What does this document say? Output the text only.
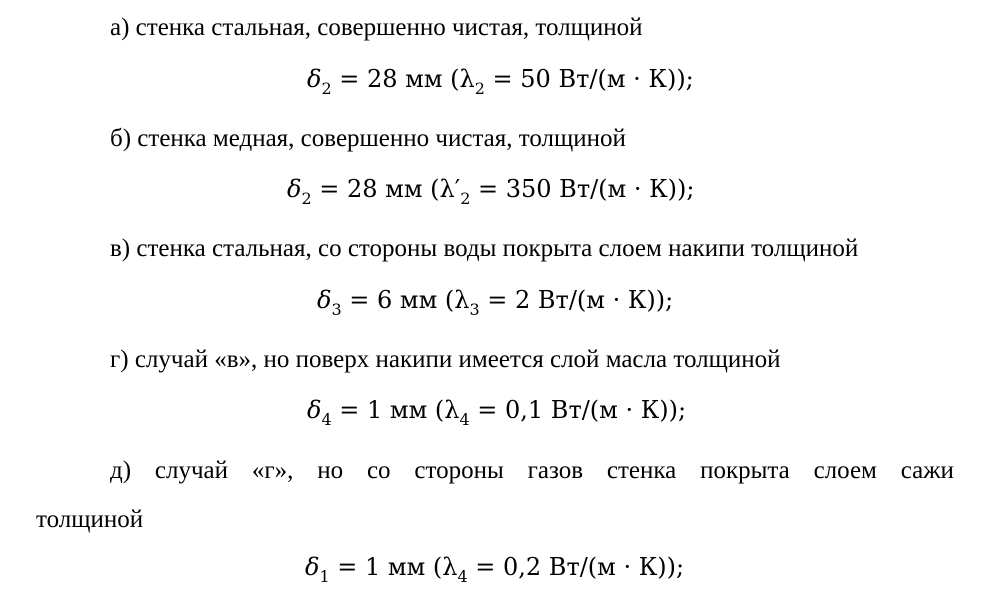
а) стенка стальная, совершенно чистая, толщиной
$\delta_2 = 28$ мм ($\lambda_2 = 50$ Вт/(м · К));
б) стенка медная, совершенно чистая, толщиной
$\delta_2 = 28$ мм ($\lambda'_2 = 350$ Вт/(м · К));
в) стенка стальная, со стороны воды покрыта слоем накипи толщиной
$\delta_3 = 6$ мм ($\lambda_3 = 2$ Вт/(м · К));
г) случай «в», но поверх накипи имеется слой масла толщиной
$\delta_4 = 1$ мм ($\lambda_4 = 0,1$ Вт/(м · К));
д) случай «г», но со стороны газов стенка покрыта слоем сажи
толщиной
$\delta_1 = 1$ мм ($\lambda_4 = 0,2$ Вт/(м · К));
